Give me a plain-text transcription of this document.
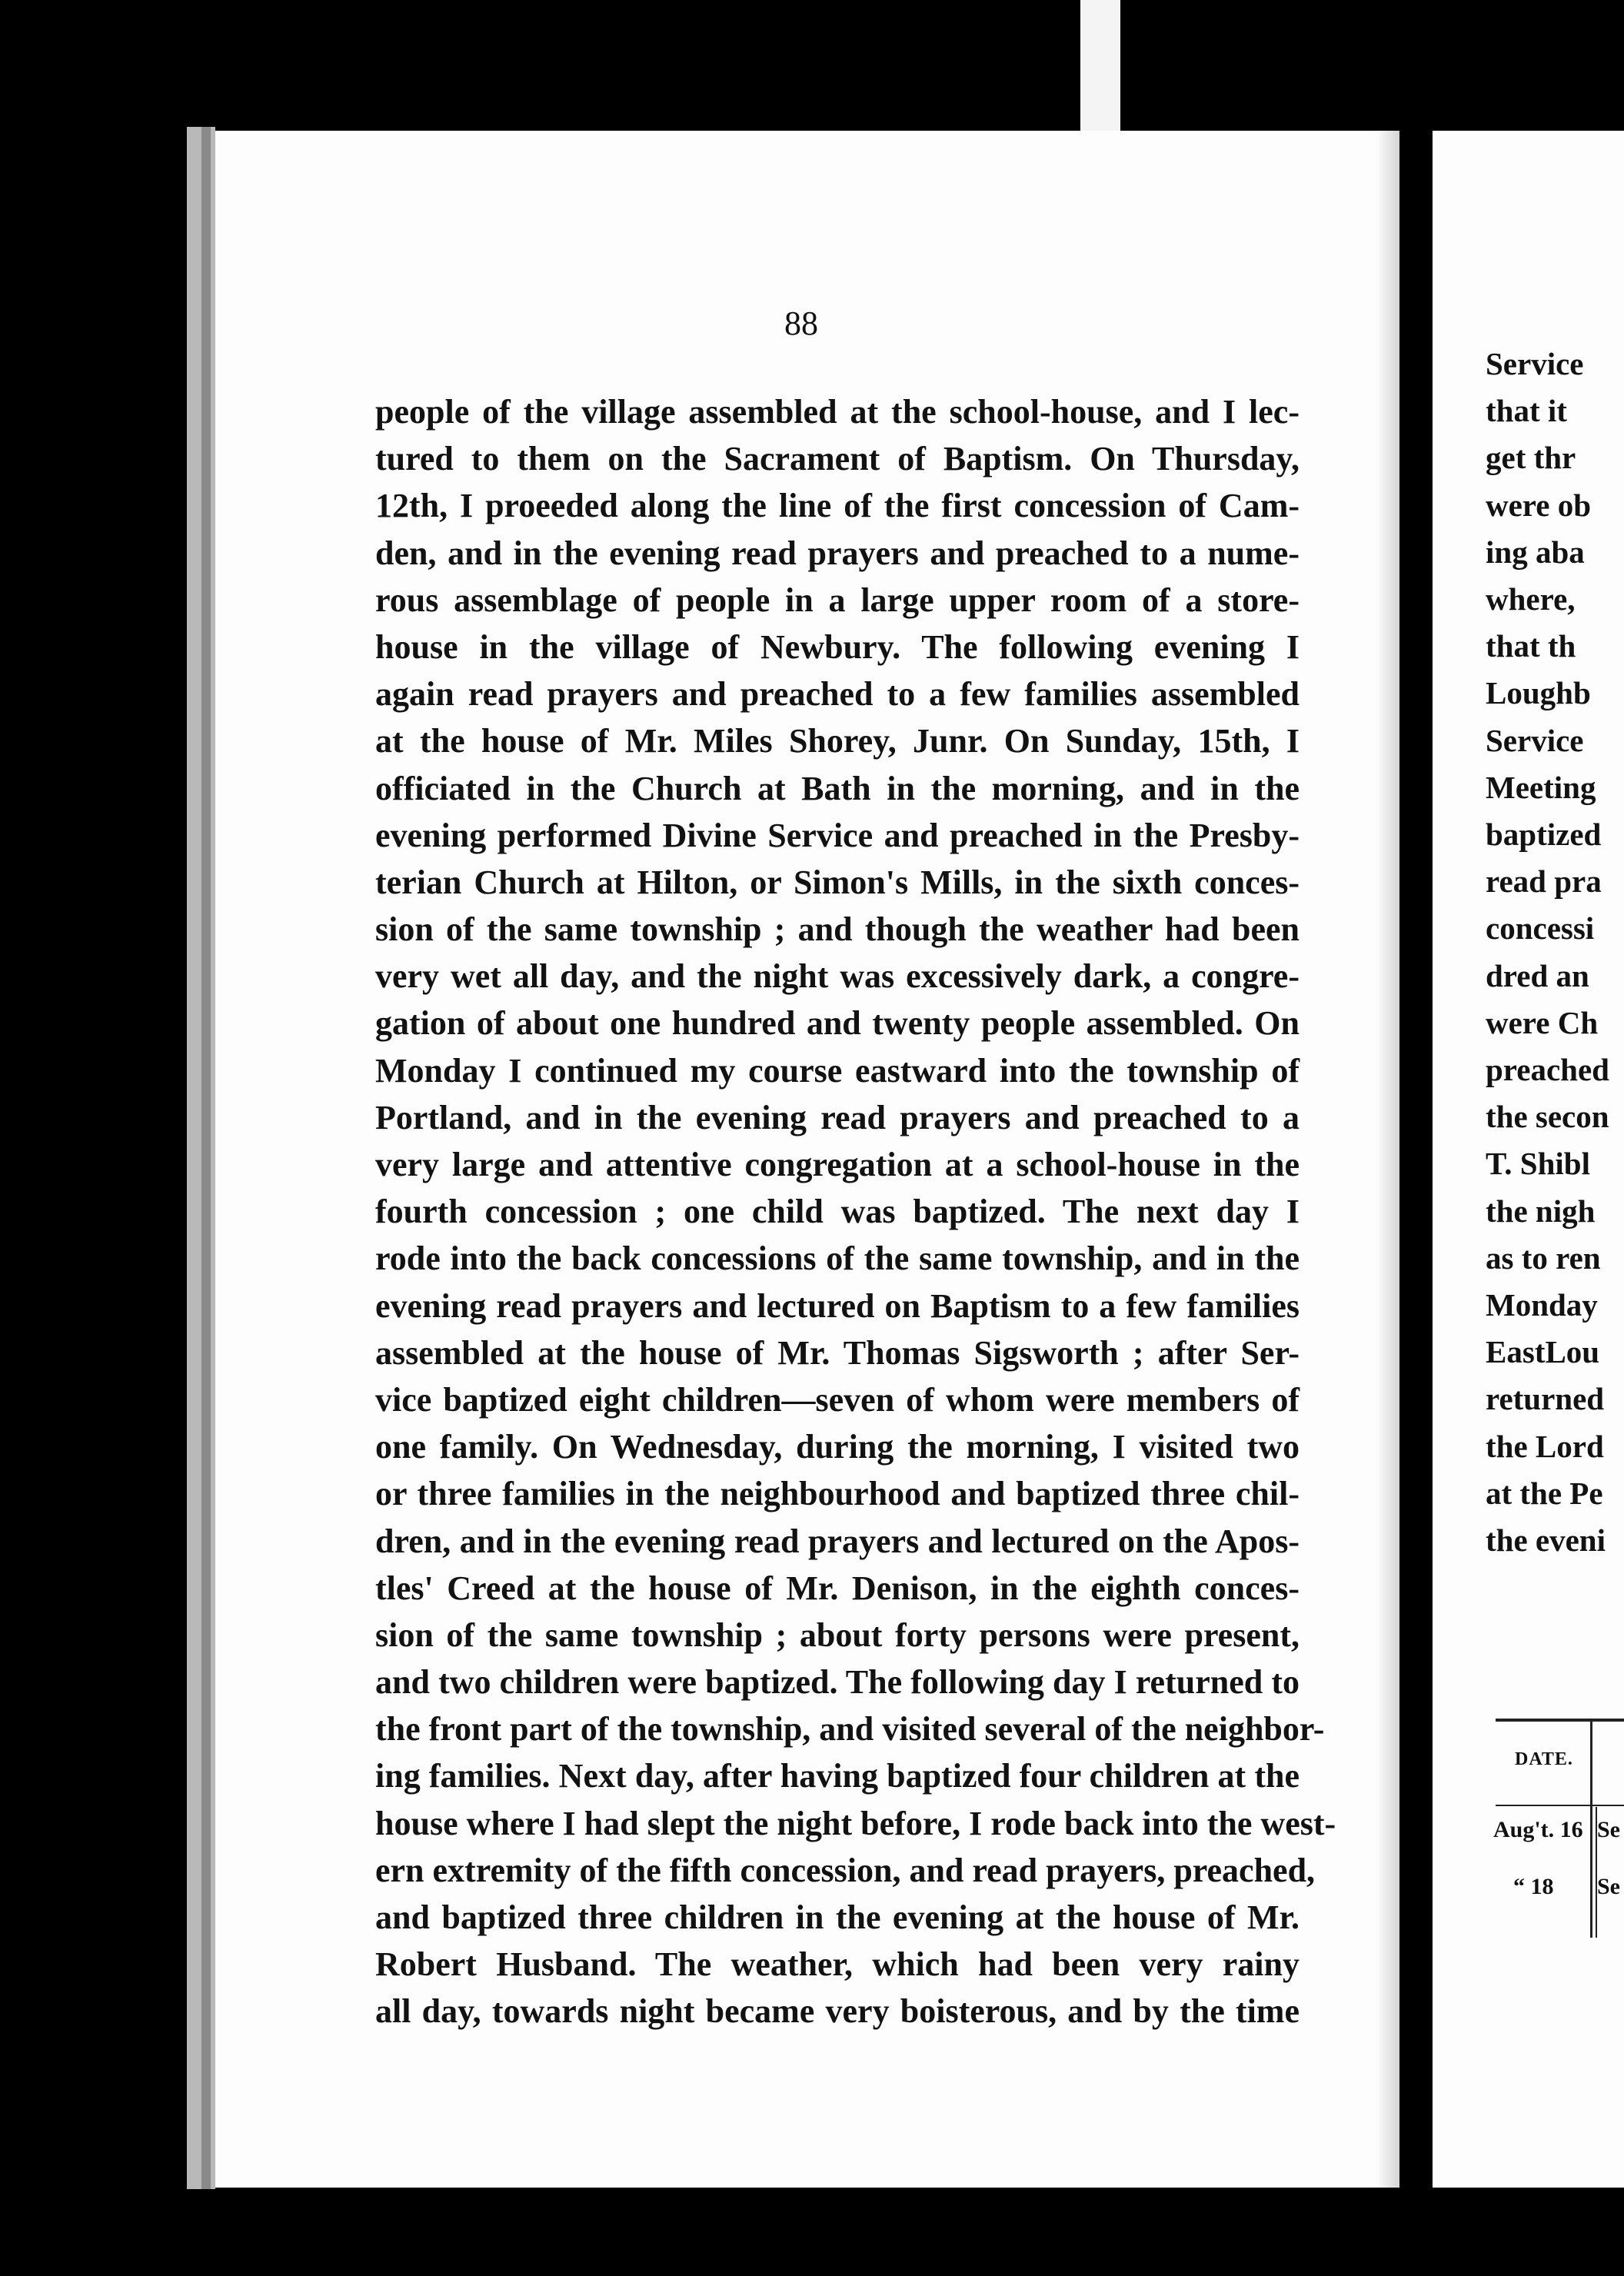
88
people of the village assembled at the school-house, and I lec-
tured to them on the Sacrament of Baptism. On Thursday,
12th, I proeeded along the line of the first concession of Cam-
den, and in the evening read prayers and preached to a nume-
rous assemblage of people in a large upper room of a store-
house in the village of Newbury. The following evening I
again read prayers and preached to a few families assembled
at the house of Mr. Miles Shorey, Junr. On Sunday, 15th, I
officiated in the Church at Bath in the morning, and in the
evening performed Divine Service and preached in the Presby-
terian Church at Hilton, or Simon's Mills, in the sixth conces-
sion of the same township ; and though the weather had been
very wet all day, and the night was excessively dark, a congre-
gation of about one hundred and twenty people assembled. On
Monday I continued my course eastward into the township of
Portland, and in the evening read prayers and preached to a
very large and attentive congregation at a school-house in the
fourth concession ; one child was baptized. The next day I
rode into the back concessions of the same township, and in the
evening read prayers and lectured on Baptism to a few families
assembled at the house of Mr. Thomas Sigsworth ; after Ser-
vice baptized eight children—seven of whom were members of
one family. On Wednesday, during the morning, I visited two
or three families in the neighbourhood and baptized three chil-
dren, and in the evening read prayers and lectured on the Apos-
tles' Creed at the house of Mr. Denison, in the eighth conces-
sion of the same township ; about forty persons were present,
and two children were baptized. The following day I returned to
the front part of the township, and visited several of the neighbor-
ing families. Next day, after having baptized four children at the
house where I had slept the night before, I rode back into the west-
ern extremity of the fifth concession, and read prayers, preached,
and baptized three children in the evening at the house of Mr.
Robert Husband. The weather, which had been very rainy
all day, towards night became very boisterous, and by the time
Service
that it
get thr
were ob
ing aba
where,
that th
Loughb
Service
Meeting
baptized
read pra
concessi
dred an
were Ch
preached
the secon
T. Shibl
the nigh
as to ren
Monday
EastLou
returned
the Lord
at the Pe
the eveni
DATE.
Aug't. 16 Se
“ 18 Se
